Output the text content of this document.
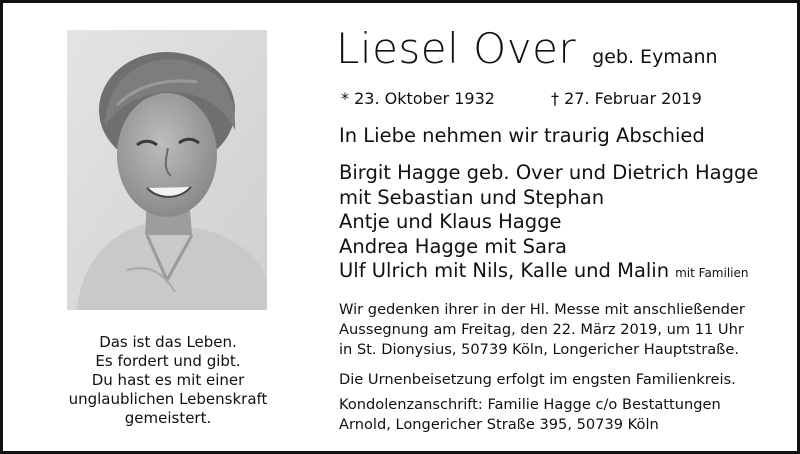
Das ist das Leben.
Es fordert und gibt.
Du hast es mit einer
unglaublichen Lebenskraft
gemeistert.
Liesel Over geb. Eymann
* 23. Oktober 1932	† 27. Februar 2019
In Liebe nehmen wir traurig Abschied
Birgit Hagge geb. Over und Dietrich Hagge
mit Sebastian und Stephan
Antje und Klaus Hagge
Andrea Hagge mit Sara
Ulf Ulrich mit Nils, Kalle und Malin mit Familien
Wir gedenken ihrer in der Hl. Messe mit anschließender
Aussegnung am Freitag, den 22. März 2019, um 11 Uhr
in St. Dionysius, 50739 Köln, Longericher Hauptstraße.
Die Urnenbeisetzung erfolgt im engsten Familienkreis.
Kondolenzanschrift: Familie Hagge c/o Bestattungen
Arnold, Longericher Straße 395, 50739 Köln
